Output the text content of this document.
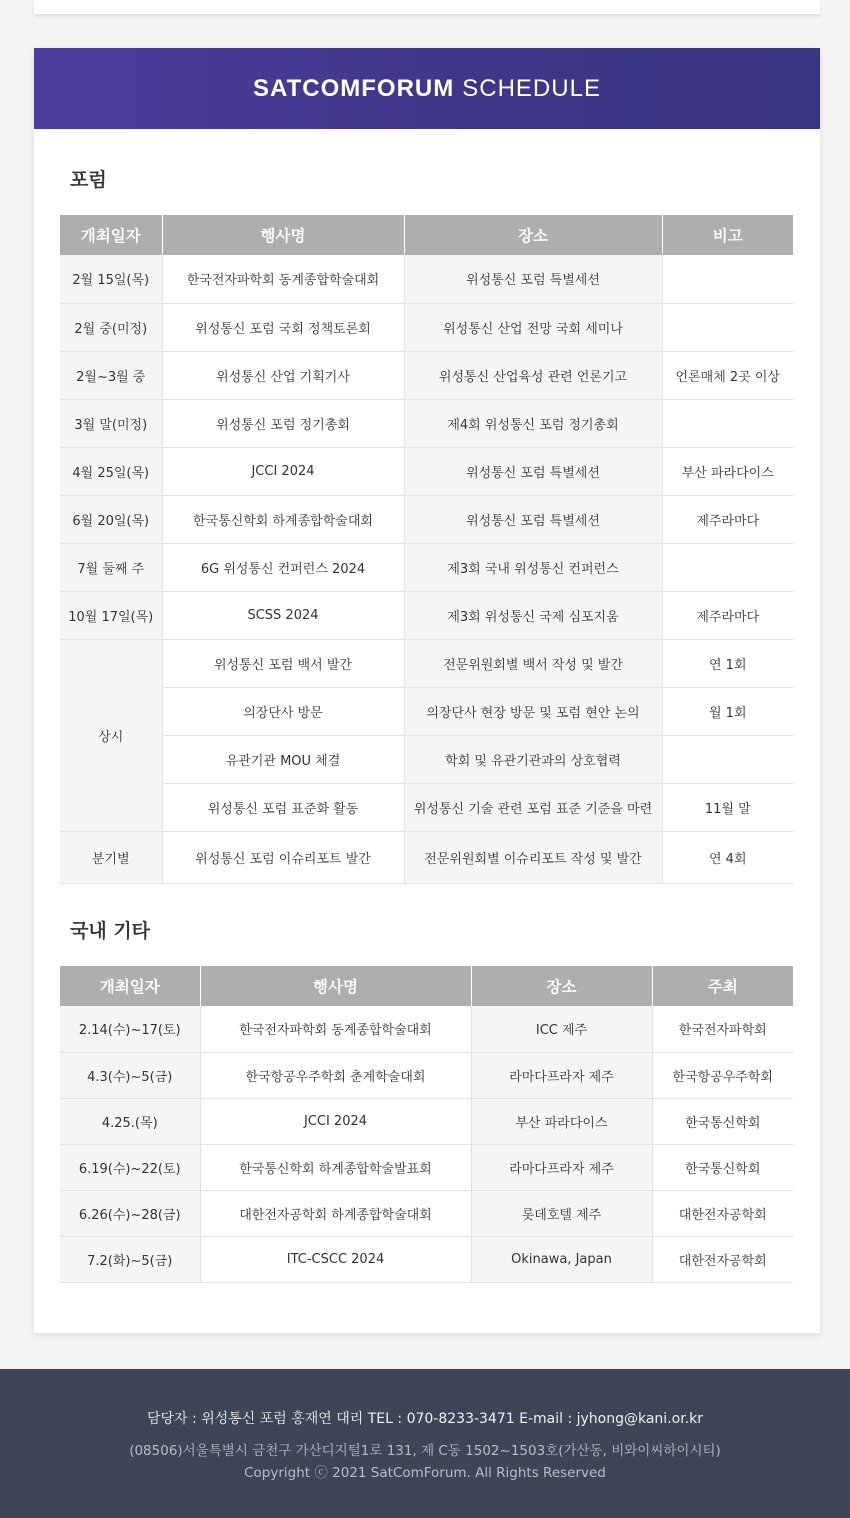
SATCOMFORUM SCHEDULE
포럼
개최일자	행사명	장소	비고
2월 15일(목)	한국전자파학회 동계종합학술대회	위성통신 포럼 특별세션	
2월 중(미정)	위성통신 포럼 국회 정책토론회	위성통신 산업 전망 국회 세미나	
2월~3월 중	위성통신 산업 기획기사	위성통신 산업육성 관련 언론기고	언론매체 2곳 이상
3월 말(미정)	위성통신 포럼 정기총회	제4회 위성통신 포럼 정기총회	
4월 25일(목)	JCCI 2024	위성통신 포럼 특별세션	부산 파라다이스
6월 20일(목)	한국통신학회 하계종합학술대회	위성통신 포럼 특별세션	제주라마다
7월 둘째 주	6G 위성통신 컨퍼런스 2024	제3회 국내 위성통신 컨퍼런스	
10월 17일(목)	SCSS 2024	제3회 위성통신 국제 심포지움	제주라마다
상시	위성통신 포럼 백서 발간	전문위원회별 백서 작성 및 발간	연 1회
	의장단사 방문	의장단사 현장 방문 및 포럼 현안 논의	월 1회
	유관기관 MOU 체결	학회 및 유관기관과의 상호협력	
	위성통신 포럼 표준화 활동	위성통신 기술 관련 포럼 표준 기준을 마련	11월 말
분기별	위성통신 포럼 이슈리포트 발간	전문위원회별 이슈리포트 작성 및 발간	연 4회
국내 기타
개최일자	행사명	장소	주최
2.14(수)~17(토)	한국전자파학회 동계종합학술대회	ICC 제주	한국전자파학회
4.3(수)~5(금)	한국항공우주학회 춘계학술대회	라마다프라자 제주	한국항공우주학회
4.25.(목)	JCCI 2024	부산 파라다이스	한국통신학회
6.19(수)~22(토)	한국통신학회 하계종합학술발표회	라마다프라자 제주	한국통신학회
6.26(수)~28(금)	대한전자공학회 하계종합학술대회	롯데호텔 제주	대한전자공학회
7.2(화)~5(금)	ITC-CSCC 2024	Okinawa, Japan	대한전자공학회
담당자 : 위성통신 포럼 홍재연 대리 TEL : 070-8233-3471 E-mail : jyhong@kani.or.kr
(08506)서울특별시 금천구 가산디지털1로 131, 제 C동 1502~1503호(가산동, 비와이씨하이시티)
Copyright ⓒ 2021 SatComForum. All Rights Reserved
